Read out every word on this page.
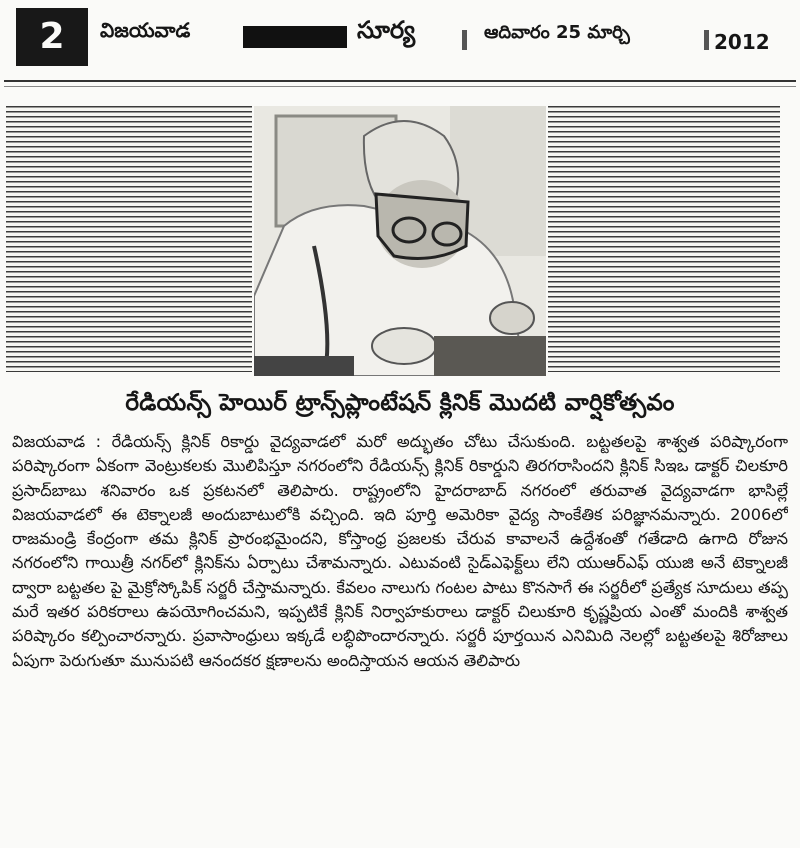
2	విజయవాడ	సూర్య	ఆదివారం 25 మార్చి	2012
రేడియన్స్ హెయిర్ ట్రాన్స్‌ప్లాంటేషన్ క్లినిక్ మొదటి వార్షికోత్సవం

విజయవాడ : రేడియన్స్ క్లినిక్ రికార్డు వైద్యవాడలో మరో అద్భుతం చోటు చేసుకుంది. బట్టతలపై శాశ్వత పరిష్కారంగా పరిష్కారంగా ఏకంగా వెంట్రుకలకు మొలిపిస్తూ నగరంలోని రేడియన్స్ క్లినిక్ రికార్డుని తిరగరాసిందని క్లినిక్ సిఇఒ డాక్టర్ చిలకూరి ప్రసాద్‌బాబు శనివారం ఒక ప్రకటనలో తెలిపారు. రాష్ట్రంలోని హైదరాబాద్ నగరంలో తరువాత వైద్యవాడగా భాసిల్లే విజయవాడలో ఈ టెక్నాలజీ అందుబాటులోకి వచ్చింది. ఇది పూర్తి అమెరికా వైద్య సాంకేతిక పరిజ్ఞానమన్నారు. 2006లో రాజమండ్రి కేంద్రంగా తమ క్లినిక్ ప్రారంభమైందని, కోస్తాంధ్ర ప్రజలకు చేరువ కావాలనే ఉద్దేశంతో గతేడాది ఉగాది రోజున నగరంలోని గాయిత్రీ నగర్‌లో క్లినిక్‌ను ఏర్పాటు చేశామన్నారు. ఎటువంటి సైడ్‌ఎఫెక్ట్‌లు లేని యుఆర్‌ఎఫ్ యుజి అనే టెక్నాలజీ ద్వారా బట్టతల పై మైక్రోస్కోపిక్ సర్జరీ చేస్తామన్నారు. కేవలం నాలుగు గంటల పాటు కొనసాగే ఈ సర్జరీలో ప్రత్యేక సూదులు తప్ప మరే ఇతర పరికరాలు ఉపయోగించమని, ఇప్పటికే క్లినిక్ నిర్వాహకురాలు డాక్టర్ చిలుకూరి కృష్ణప్రియ ఎంతో మందికి శాశ్వత పరిష్కారం కల్పించారన్నారు. ప్రవాసాంధ్రులు ఇక్కడే లబ్ధిపొందారన్నారు. సర్జరీ పూర్తయిన ఎనిమిది నెలల్లో బట్టతలపై శిరోజాలు ఏపుగా పెరుగుతూ మునుపటి ఆనందకర క్షణాలను అందిస్తాయన ఆయన తెలిపారు
